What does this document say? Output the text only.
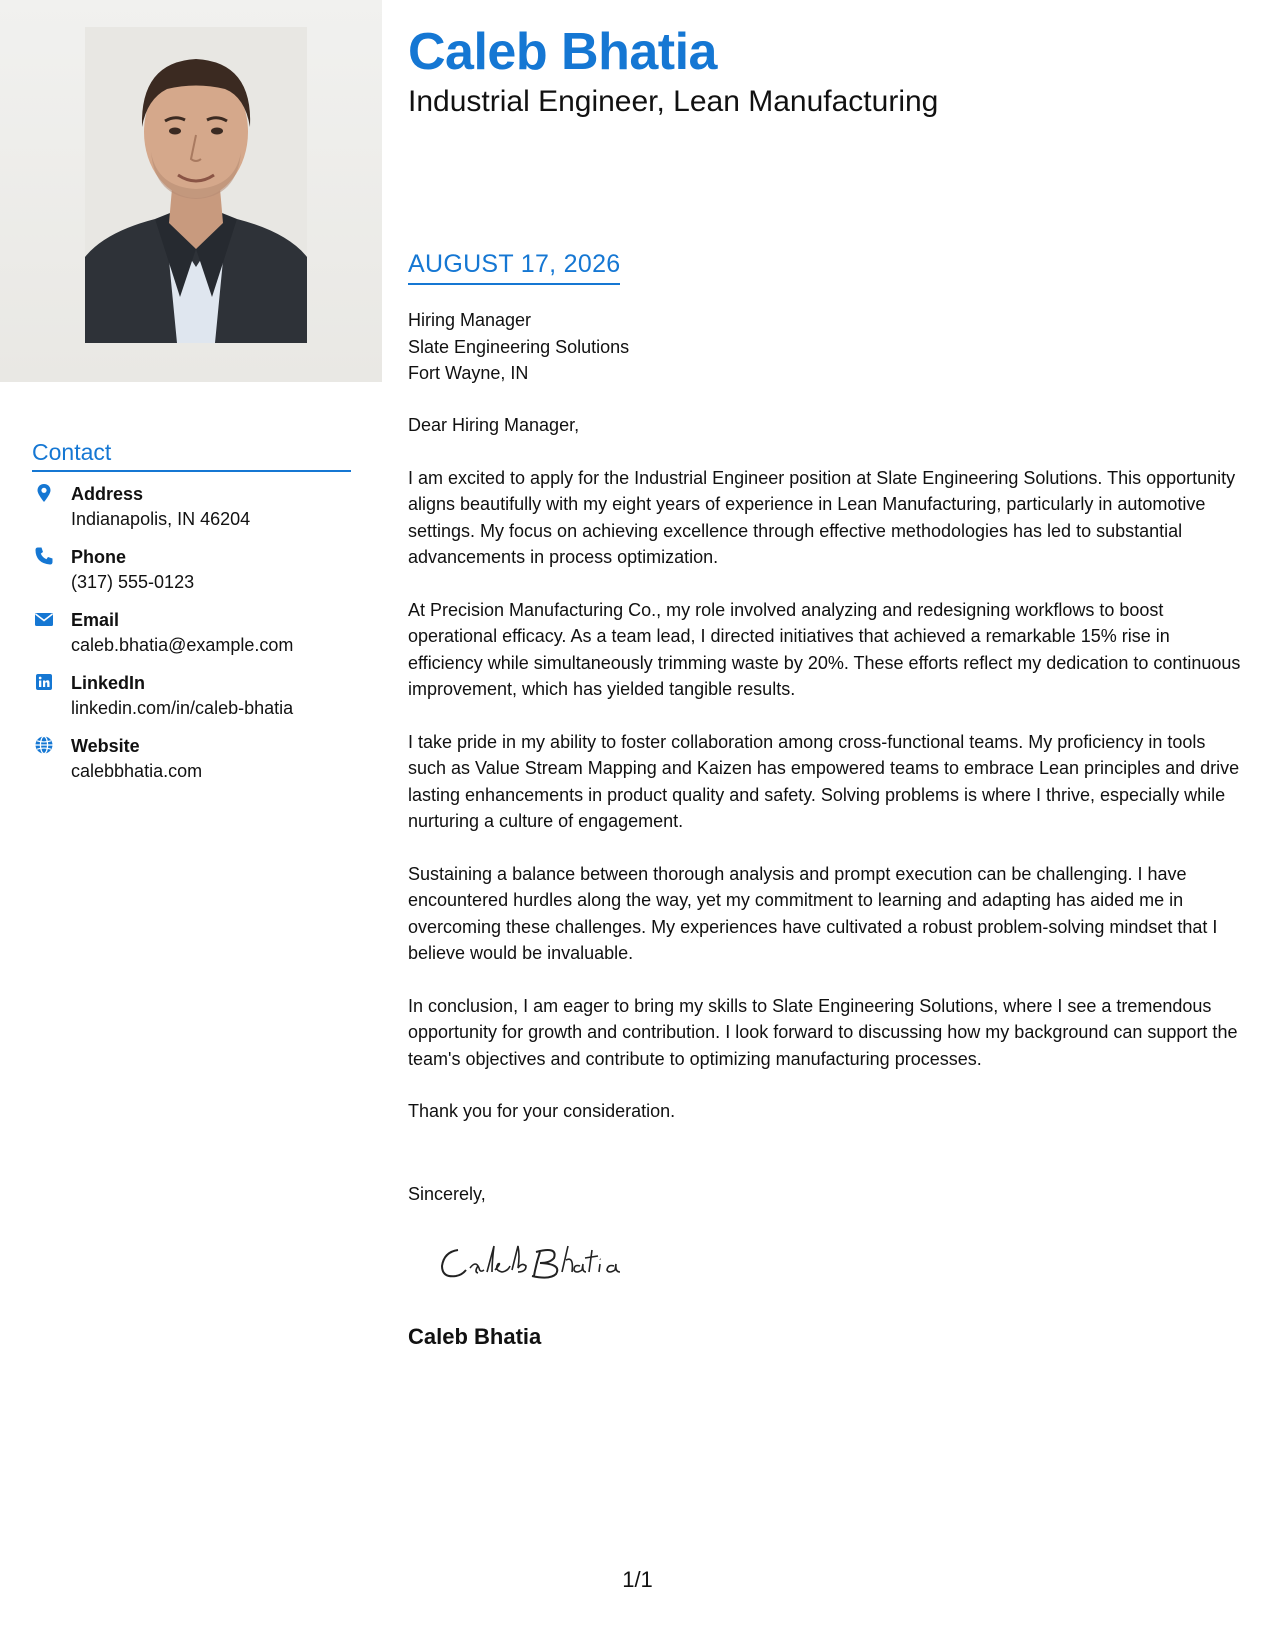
Contact
Address
Indianapolis, IN 46204
Phone
(317) 555-0123
Email
caleb.bhatia@example.com
LinkedIn
linkedin.com/in/caleb-bhatia
Website
calebbhatia.com
Caleb Bhatia
Industrial Engineer, Lean Manufacturing
AUGUST 17, 2026
Hiring Manager
Slate Engineering Solutions
Fort Wayne, IN

Dear Hiring Manager,

I am excited to apply for the Industrial Engineer position at Slate Engineering Solutions. This opportunity aligns beautifully with my eight years of experience in Lean Manufacturing, particularly in automotive settings. My focus on achieving excellence through effective methodologies has led to substantial advancements in process optimization.

At Precision Manufacturing Co., my role involved analyzing and redesigning workflows to boost operational efficacy. As a team lead, I directed initiatives that achieved a remarkable 15% rise in efficiency while simultaneously trimming waste by 20%. These efforts reflect my dedication to continuous improvement, which has yielded tangible results.

I take pride in my ability to foster collaboration among cross-functional teams. My proficiency in tools such as Value Stream Mapping and Kaizen has empowered teams to embrace Lean principles and drive lasting enhancements in product quality and safety. Solving problems is where I thrive, especially while nurturing a culture of engagement.

Sustaining a balance between thorough analysis and prompt execution can be challenging. I have encountered hurdles along the way, yet my commitment to learning and adapting has aided me in overcoming these challenges. My experiences have cultivated a robust problem-solving mindset that I believe would be invaluable.

In conclusion, I am eager to bring my skills to Slate Engineering Solutions, where I see a tremendous opportunity for growth and contribution. I look forward to discussing how my background can support the team's objectives and contribute to optimizing manufacturing processes.

Thank you for your consideration.

Sincerely,
Caleb Bhatia
1/1
